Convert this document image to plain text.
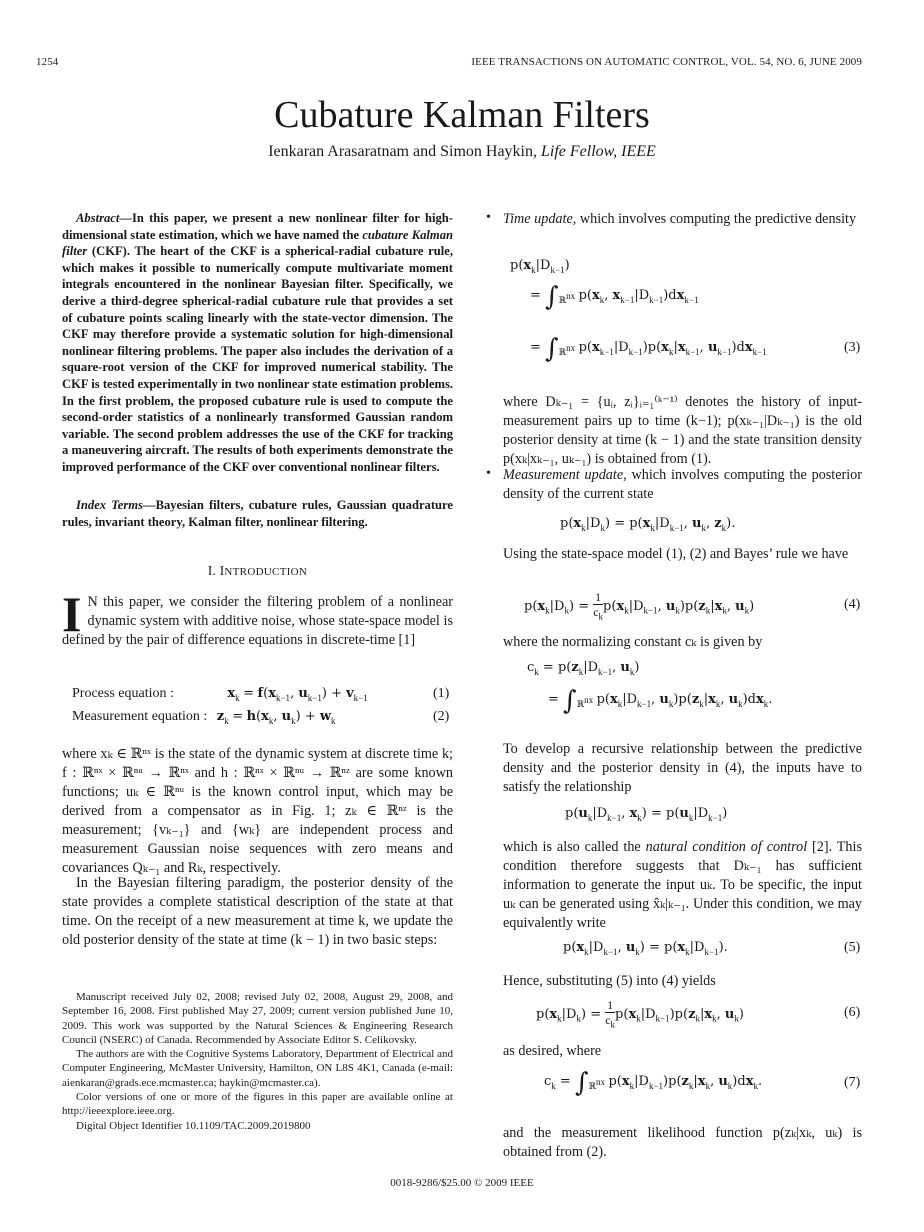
1254	IEEE TRANSACTIONS ON AUTOMATIC CONTROL, VOL. 54, NO. 6, JUNE 2009
Cubature Kalman Filters
Ienkaran Arasaratnam and Simon Haykin, Life Fellow, IEEE
Abstract—In this paper, we present a new nonlinear filter for high-dimensional state estimation, which we have named the cubature Kalman filter (CKF). The heart of the CKF is a spherical-radial cubature rule, which makes it possible to numerically compute multivariate moment integrals encountered in the nonlinear Bayesian filter. Specifically, we derive a third-degree spherical-radial cubature rule that provides a set of cubature points scaling linearly with the state-vector dimension. The CKF may therefore provide a systematic solution for high-dimensional nonlinear filtering problems. The paper also includes the derivation of a square-root version of the CKF for improved numerical stability. The CKF is tested experimentally in two nonlinear state estimation problems. In the first problem, the proposed cubature rule is used to compute the second-order statistics of a nonlinearly transformed Gaussian random variable. The second problem addresses the use of the CKF for tracking a maneuvering aircraft. The results of both experiments demonstrate the improved performance of the CKF over conventional nonlinear filters.
Index Terms—Bayesian filters, cubature rules, Gaussian quadrature rules, invariant theory, Kalman filter, nonlinear filtering.
I. INTRODUCTION
I N this paper, we consider the filtering problem of a nonlinear dynamic system with additive noise, whose state-space model is defined by the pair of difference equations in discrete-time [1]
Process equation :	$x_k = f(x_{k-1}$, $u_{k-1}) + v_{k-1}$	(1)
Measurement equation : $z_k = h(x_k$, $u_k) + w_k$	(2)
where xₖ ∈ ℝⁿˣ is the state of the dynamic system at discrete time k; f : ℝⁿˣ × ℝⁿᵘ → ℝⁿˣ and h : ℝⁿˣ × ℝⁿᵘ → ℝⁿᶻ are some known functions; uₖ ∈ ℝⁿᵘ is the known control input, which may be derived from a compensator as in Fig. 1; zₖ ∈ ℝⁿᶻ is the measurement; {vₖ₋₁} and {wₖ} are independent process and measurement Gaussian noise sequences with zero means and covariances Qₖ₋₁ and Rₖ, respectively.
In the Bayesian filtering paradigm, the posterior density of the state provides a complete statistical description of the state at that time. On the receipt of a new measurement at time k, we update the old posterior density of the state at time (k − 1) in two basic steps:

Manuscript received July 02, 2008; revised July 02, 2008, August 29, 2008, and September 16, 2008. First published May 27, 2009; current version published June 10, 2009. This work was supported by the Natural Sciences & Engineering Research Council (NSERC) of Canada. Recommended by Associate Editor S. Celikovsky.

The authors are with the Cognitive Systems Laboratory, Department of Electrical and Computer Engineering, McMaster University, Hamilton, ON L8S 4K1, Canada (e-mail: aienkaran@grads.ece.mcmaster.ca; haykin@mcmaster.ca).

Color versions of one or more of the figures in this paper are available online at http://ieeexplore.ieee.org.

Digital Object Identifier 10.1109/TAC.2009.2019800

• Time update, which involves computing the predictive density
$p(x_k|D_{k-1})$
= $\int_{ℝ^{nx}}$ $p(x_k$, $x_{k-1}|D_{k-1})dx_{k-1}$
= $\int_{ℝ^{nx}}$ $p(x_{k-1}|D_{k-1})p(x_k|x_{k-1}$, $u_{k-1})dx_{k-1}$	(3)
where Dₖ₋₁ = {uᵢ, zᵢ}ᵢ₌₁⁽ᵏ⁻¹⁾ denotes the history of input-measurement pairs up to time (k−1); p(xₖ₋₁|Dₖ₋₁) is the old posterior density at time (k − 1) and the state transition density p(xₖ|xₖ₋₁, uₖ₋₁) is obtained from (1).
• Measurement update, which involves computing the posterior density of the current state
$p(x_k|D_k) = p(x_k|D_{k-1}$, $u_k$, $z_k$).
Using the state-space model (1), (2) and Bayes’ rule we have
$p(x_k|D_k) = \frac{1}{c_k} p(x_k|D_{k-1}$, $u_k)p(z_k|x_k$, $u_k$)	(4)
where the normalizing constant cₖ is given by
$c_k = p(z_k|D_{k-1}$, $u_k$)
= $\int_{ℝ^{nx}}$ $p(x_k|D_{k-1}$, $u_k)p(z_k|x_k$, $u_k)dx_k$.
To develop a recursive relationship between the predictive density and the posterior density in (4), the inputs have to satisfy the relationship
$p(u_k|D_{k-1}$, $x_k) = p(u_k|D_{k-1})$
which is also called the natural condition of control [2]. This condition therefore suggests that Dₖ₋₁ has sufficient information to generate the input uₖ. To be specific, the input uₖ can be generated using x̂ₖ|ₖ₋₁. Under this condition, we may equivalently write
$p(x_k|D_{k-1}$, $u_k) = p(x_k|D_{k-1})$.	(5)
Hence, substituting (5) into (4) yields
$p(x_k|D_k) = \frac{1}{c_k} p(x_k|D_{k-1})p(z_k|x_k$, $u_k$)	(6)
as desired, where
$c_k = \int_{ℝ^{nx}}$ $p(x_k|D_{k-1})p(z_k|x_k$, $u_k)dx_k$.	(7)
and the measurement likelihood function p(zₖ|xₖ, uₖ) is obtained from (2).
0018-9286/$25.00 © 2009 IEEE
